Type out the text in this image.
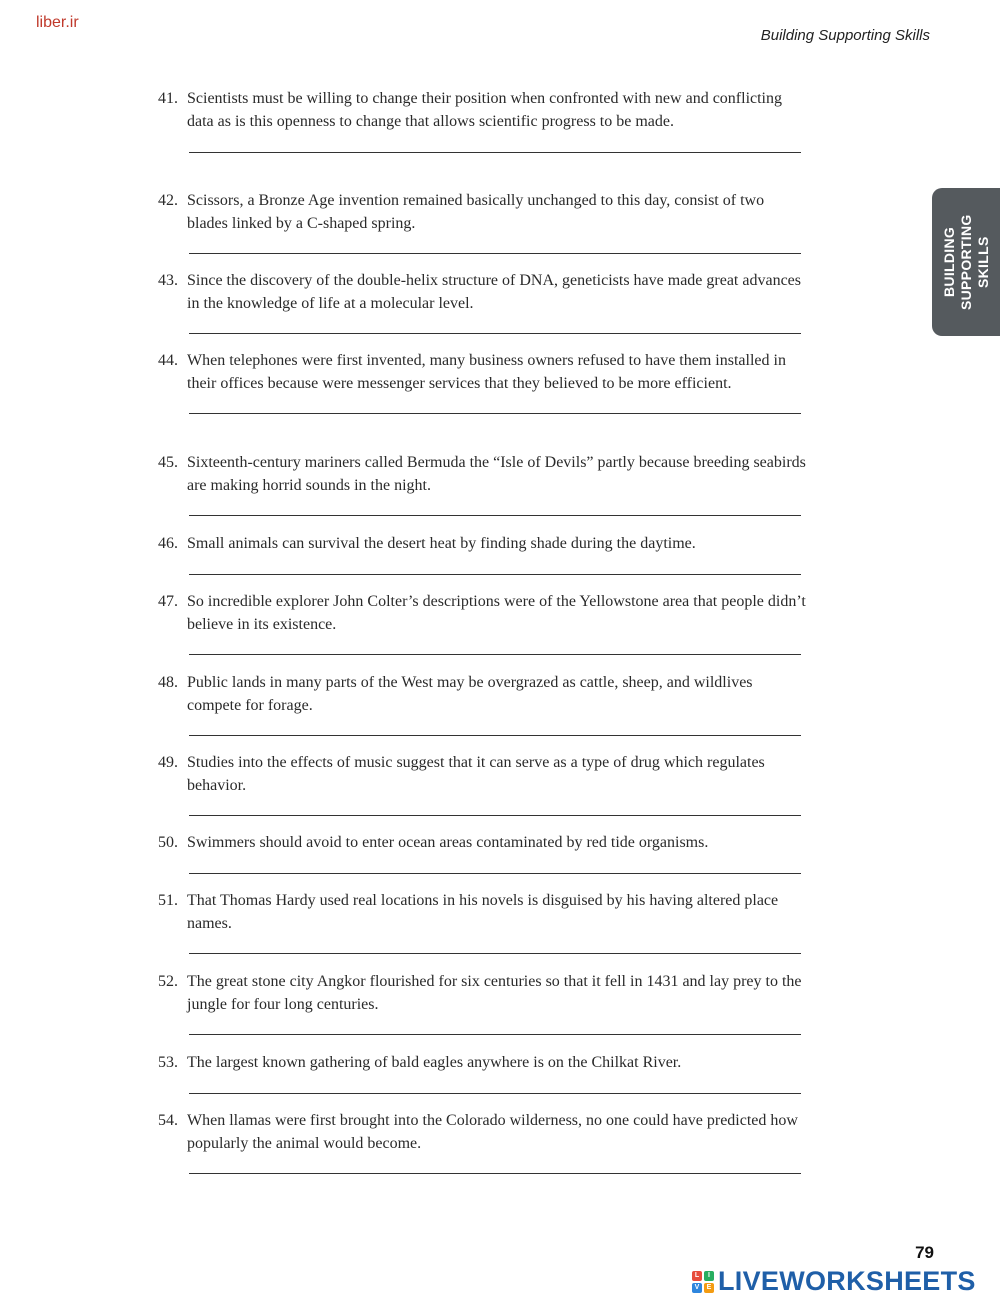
liber.ir
Building Supporting Skills
BUILDING
SUPPORTING SKILLS
41. Scientists must be willing to change their position when confronted with new and conflicting data as is this openness to change that allows scientific progress to be made.
42. Scissors, a Bronze Age invention remained basically unchanged to this day, consist of two blades linked by a C-shaped spring.
43. Since the discovery of the double-helix structure of DNA, geneticists have made great advances in the knowledge of life at a molecular level.
44. When telephones were first invented, many business owners refused to have them installed in their offices because were messenger services that they believed to be more efficient.
45. Sixteenth-century mariners called Bermuda the “Isle of Devils” partly because breeding seabirds are making horrid sounds in the night.
46. Small animals can survival the desert heat by finding shade during the daytime.
47. So incredible explorer John Colter’s descriptions were of the Yellowstone area that people didn’t believe in its existence.
48. Public lands in many parts of the West may be overgrazed as cattle, sheep, and wildlives compete for forage.
49. Studies into the effects of music suggest that it can serve as a type of drug which regulates behavior.
50. Swimmers should avoid to enter ocean areas contaminated by red tide organisms.
51. That Thomas Hardy used real locations in his novels is disguised by his having altered place names.
52. The great stone city Angkor flourished for six centuries so that it fell in 1431 and lay prey to the jungle for four long centuries.
53. The largest known gathering of bald eagles anywhere is on the Chilkat River.
54. When llamas were first brought into the Colorado wilderness, no one could have predicted how popularly the animal would become.
79
L	I
V	E LIVEWORKSHEETS
